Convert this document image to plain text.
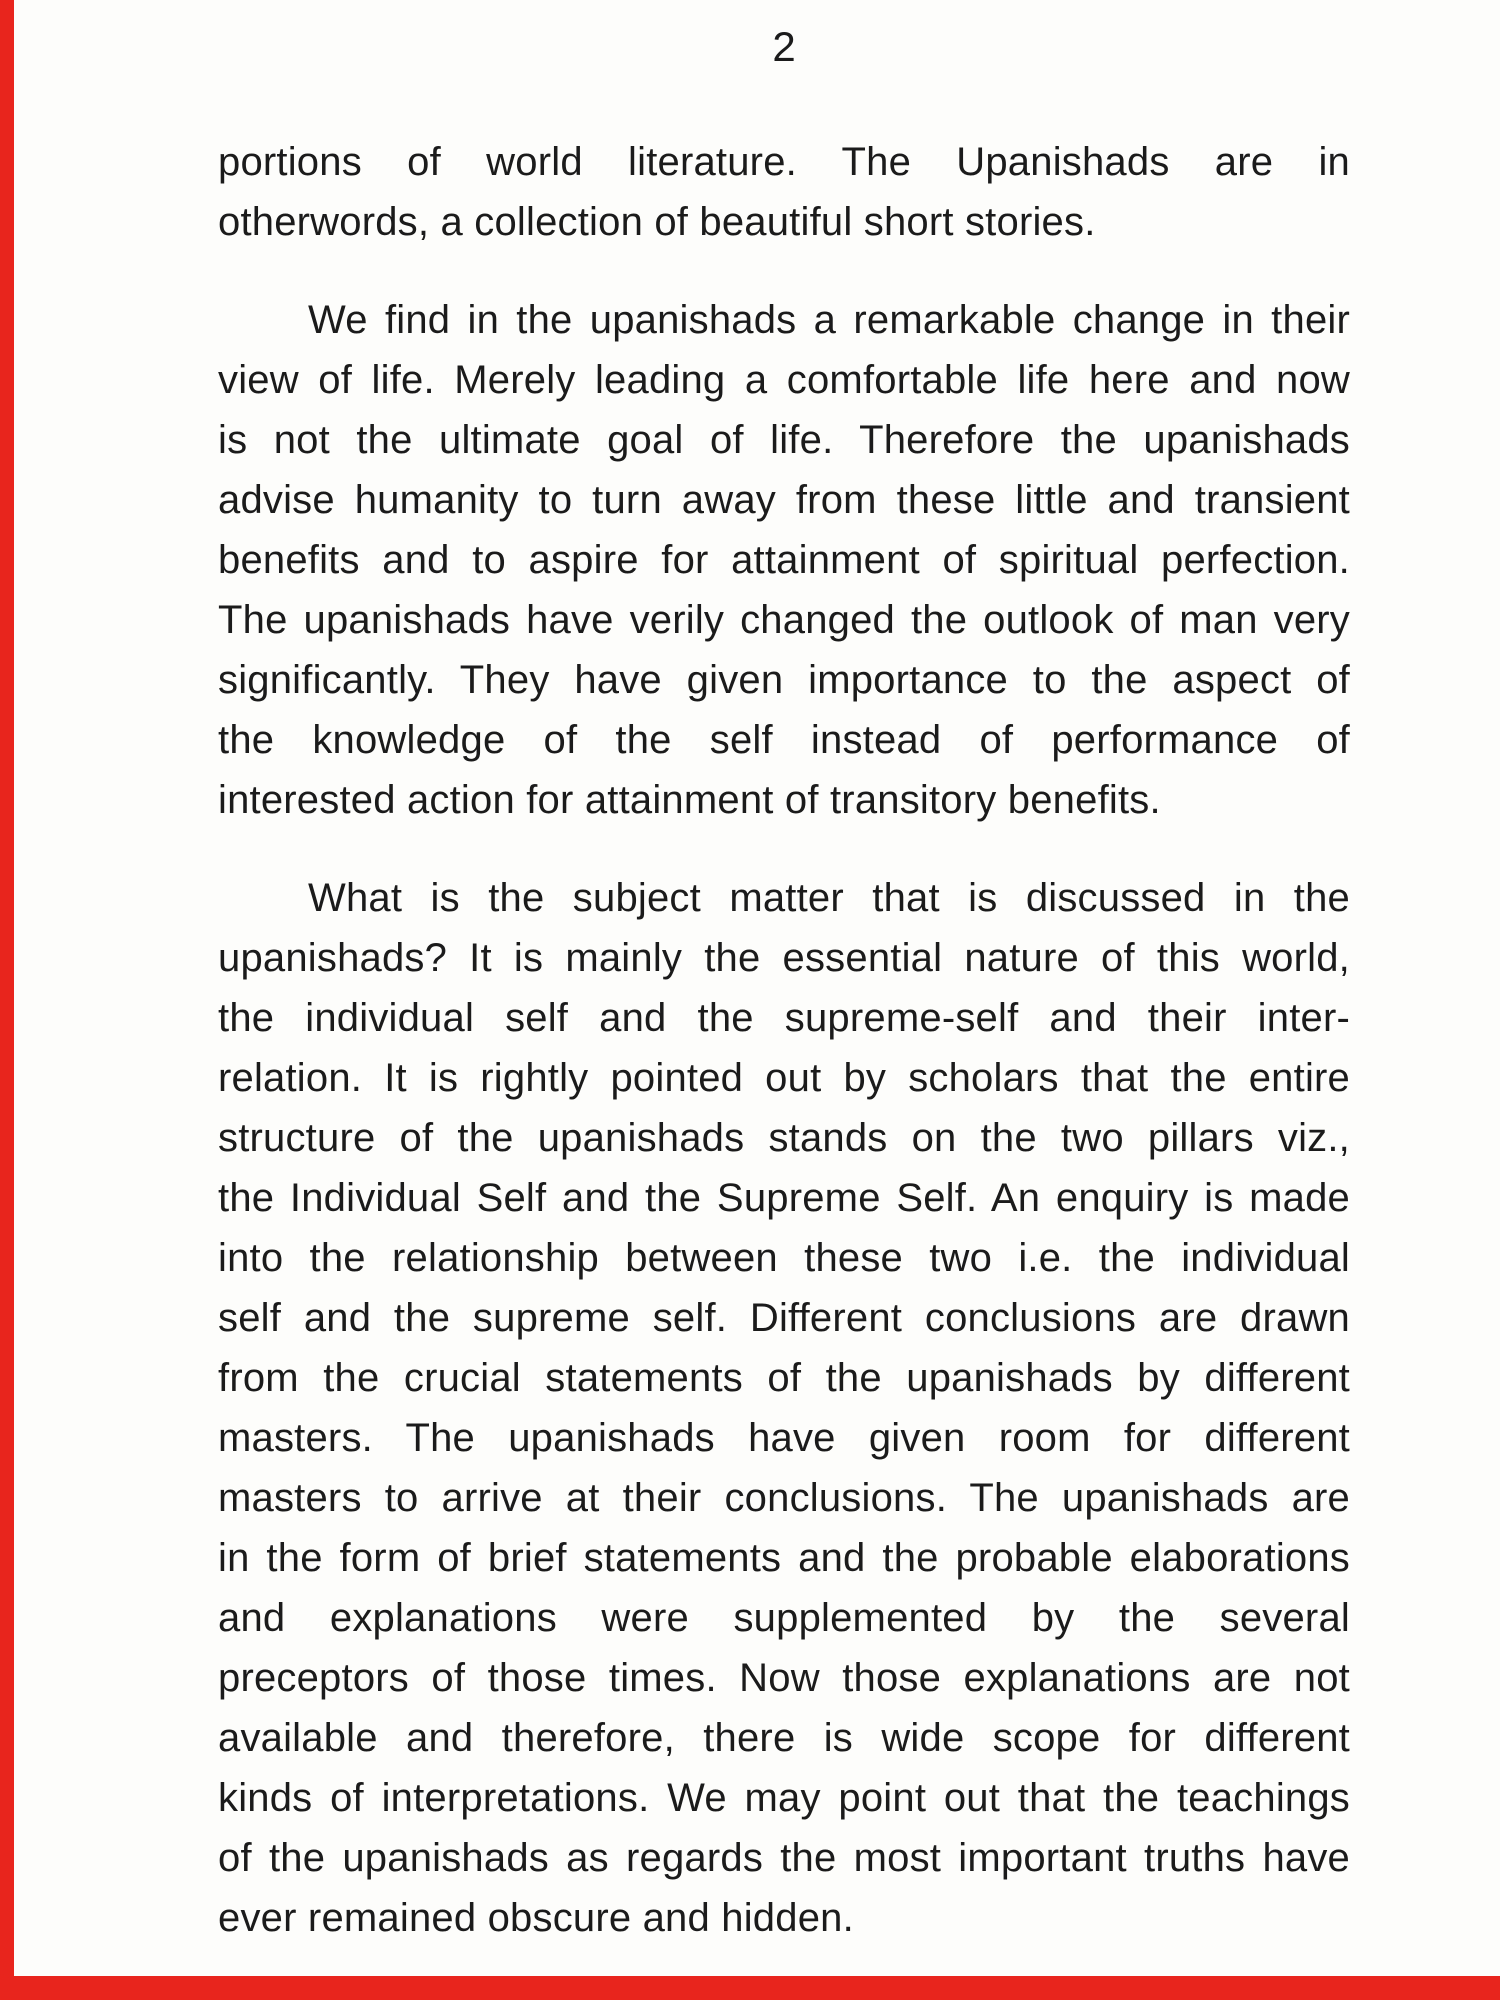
2
portions of world literature. The Upanishads are in
otherwords, a collection of beautiful short stories.
We find in the upanishads a remarkable change in their
view of life. Merely leading a comfortable life here and now
is not the ultimate goal of life. Therefore the upanishads
advise humanity to turn away from these little and transient
benefits and to aspire for attainment of spiritual perfection.
The upanishads have verily changed the outlook of man very
significantly. They have given importance to the aspect of
the knowledge of the self instead of performance of
interested action for attainment of transitory benefits.
What is the subject matter that is discussed in the
upanishads? It is mainly the essential nature of this world,
the individual self and the supreme-self and their inter-
relation. It is rightly pointed out by scholars that the entire
structure of the upanishads stands on the two pillars viz.,
the Individual Self and the Supreme Self. An enquiry is made
into the relationship between these two i.e. the individual
self and the supreme self. Different conclusions are drawn
from the crucial statements of the upanishads by different
masters. The upanishads have given room for different
masters to arrive at their conclusions. The upanishads are
in the form of brief statements and the probable elaborations
and explanations were supplemented by the several
preceptors of those times. Now those explanations are not
available and therefore, there is wide scope for different
kinds of interpretations. We may point out that the teachings
of the upanishads as regards the most important truths have
ever remained obscure and hidden.
